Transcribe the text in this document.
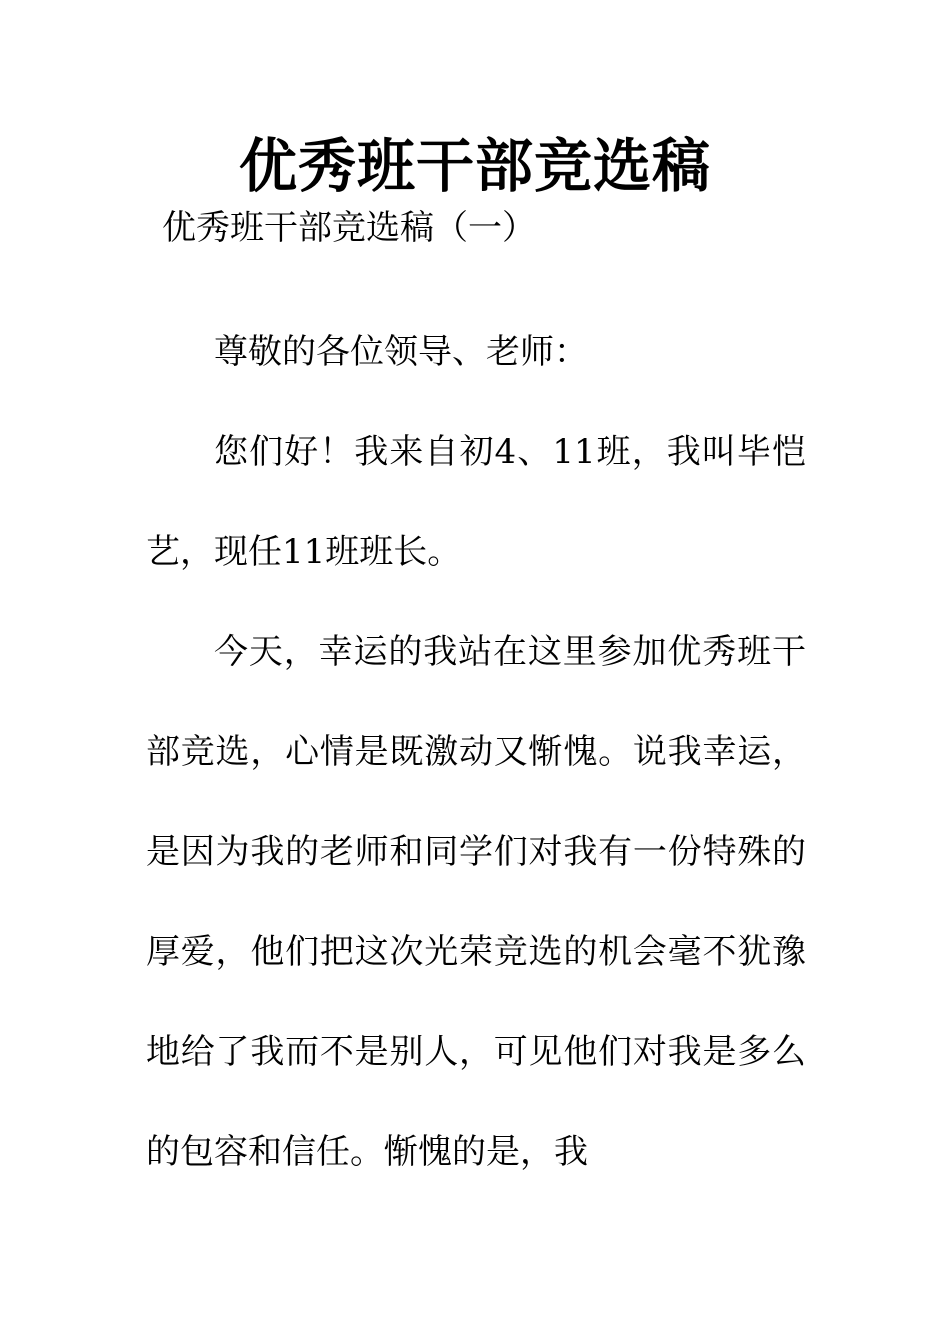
优秀班干部竞选稿
优秀班干部竞选稿（一）

尊敬的各位领导、老师：

您们好！我来自初4、11班，我叫毕恺艺，现任11班班长。

今天，幸运的我站在这里参加优秀班干部竞选，心情是既激动又惭愧。说我幸运，是因为我的老师和同学们对我有一份特殊的厚爱，他们把这次光荣竞选的机会毫不犹豫地给了我而不是别人，可见他们对我是多么的包容和信任。惭愧的是，我
